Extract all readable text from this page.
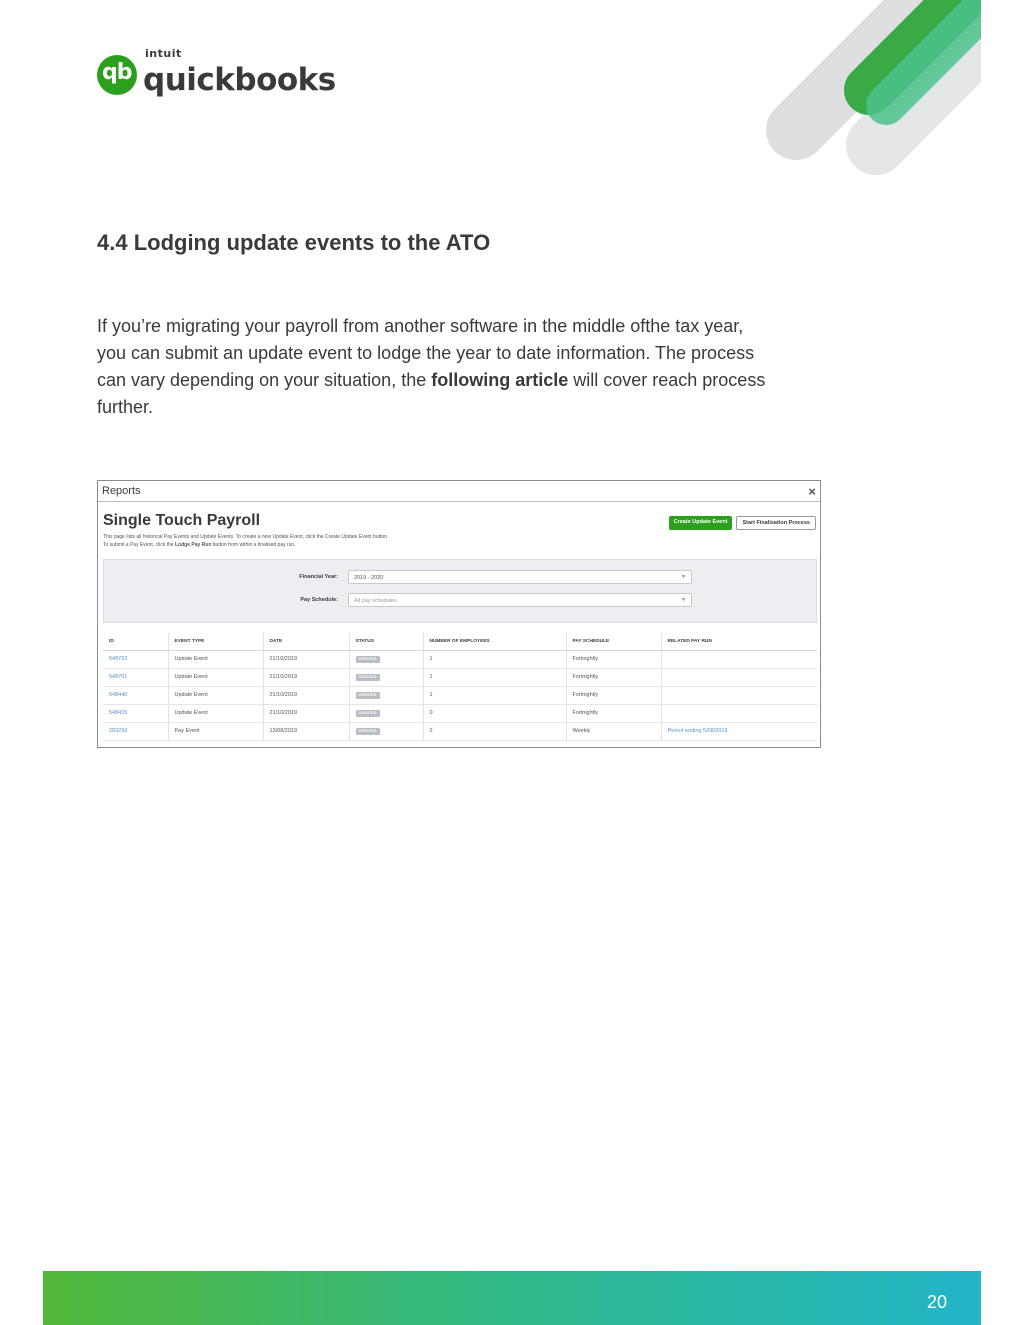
qb
intuit
quickbooks
4.4 Lodging update events to the ATO

If you’re migrating your payroll from another software in the middle ofthe tax year, you can submit an update event to lodge the year to date information. The process can vary depending on your situation, the following article will cover reach process further.

Reports	×
Single Touch Payroll
This page lists all historical Pay Events and Update Events. To create a new Update Event, click the Create Update Event button.
To submit a Pay Event, click the Lodge Pay Run button from within a finalised pay run.
Create Update Event	Start Finalisation Process
Financial Year:	2019 - 2020	▼
Pay Schedule:	All pay schedules	▼
ID	EVENT TYPE	DATE	STATUS	NUMBER OF EMPLOYEES	PAY SCHEDULE	RELATED PAY RUN
548722	Update Event	21/10/2019	CREATED	1	Fortnightly	
548701	Update Event	21/10/2019	CREATED	1	Fortnightly	
548440	Update Event	21/10/2019	CREATED	1	Fortnightly	
548415	Update Event	21/10/2019	CREATED	0	Fortnightly	
283293	Pay Event	13/08/2019	CREATED	2	Weekly	Period ending 5/08/2019
20
